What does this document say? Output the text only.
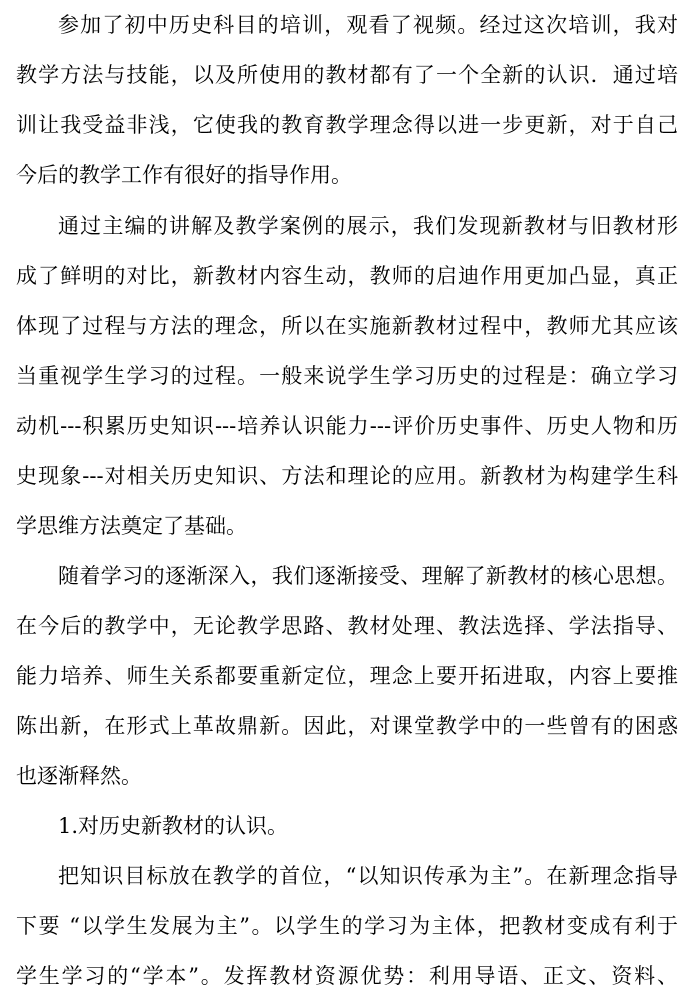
参加了初中历史科目的培训，观看了视频。经过这次培训，我对
教学方法与技能，以及所使用的教材都有了一个全新的认识．通过培
训让我受益非浅，它使我的教育教学理念得以进一步更新，对于自己
今后的教学工作有很好的指导作用。
通过主编的讲解及教学案例的展示，我们发现新教材与旧教材形
成了鲜明的对比，新教材内容生动，教师的启迪作用更加凸显，真正
体现了过程与方法的理念，所以在实施新教材过程中，教师尤其应该
当重视学生学习的过程。一般来说学生学习历史的过程是：确立学习
动机---积累历史知识---培养认识能力---评价历史事件、历史人物和历
史现象---对相关历史知识、方法和理论的应用。新教材为构建学生科
学思维方法奠定了基础。
随着学习的逐渐深入，我们逐渐接受、理解了新教材的核心思想。
在今后的教学中，无论教学思路、教材处理、教法选择、学法指导、
能力培养、师生关系都要重新定位，理念上要开拓进取，内容上要推
陈出新，在形式上革故鼎新。因此，对课堂教学中的一些曾有的困惑
也逐渐释然。
1.对历史新教材的认识。
把知识目标放在教学的首位，“以知识传承为主”。在新理念指导
下要 “以学生发展为主”。以学生的学习为主体，把教材变成有利于
学生学习的“学本”。发挥教材资源优势：利用导语、正文、资料、
